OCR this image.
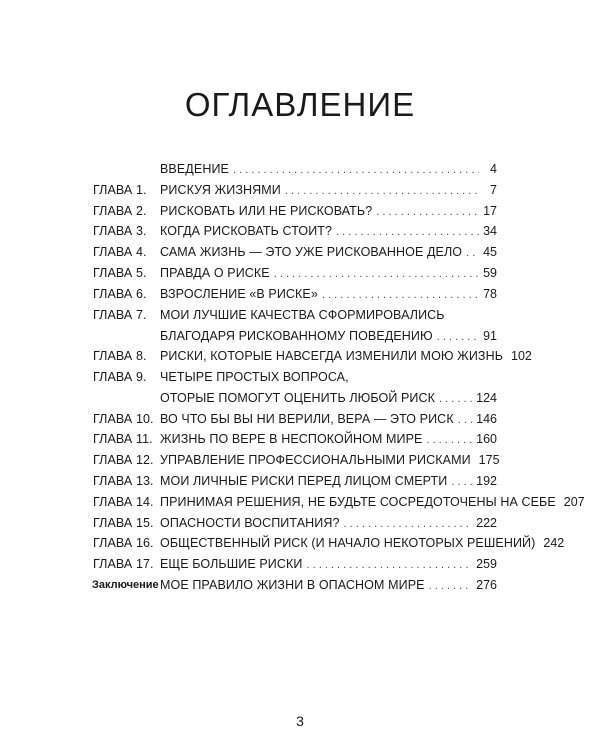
ОГЛАВЛЕНИЕ
ВВЕДЕНИЕ . . .	4
ГЛАВА 1. РИСКУЯ ЖИЗНЯМИ . . .	7
ГЛАВА 2. РИСКОВАТЬ ИЛИ НЕ РИСКОВАТЬ? . . .	17
ГЛАВА 3. КОГДА РИСКОВАТЬ СТОИТ? . . .	34
ГЛАВА 4. САМА ЖИЗНЬ — ЭТО УЖЕ РИСКОВАННОЕ ДЕЛО . . . 45
ГЛАВА 5. ПРАВДА О РИСКЕ . . .	59
ГЛАВА 6. ВЗРОСЛЕНИЕ «В РИСКЕ» . . .	78
ГЛАВА 7. МОИ ЛУЧШИЕ КАЧЕСТВА СФОРМИРОВАЛИСЬ
БЛАГОДАРЯ РИСКОВАННОМУ ПОВЕДЕНИЮ . . .	91
ГЛАВА 8. РИСКИ, КОТОРЫЕ НАВСЕГДА ИЗМЕНИЛИ МОЮ ЖИЗНЬ 102
ГЛАВА 9. ЧЕТЫРЕ ПРОСТЫХ ВОПРОСА,
ОТОРЫЕ ПОМОГУТ ОЦЕНИТЬ ЛЮБОЙ РИСК . . .	124
ГЛАВА 10. ВО ЧТО БЫ ВЫ НИ ВЕРИЛИ, ВЕРА — ЭТО РИСК . . . 146
ГЛАВА 11. ЖИЗНЬ ПО ВЕРЕ В НЕСПОКОЙНОМ МИРЕ . . .	160
ГЛАВА 12. УПРАВЛЕНИЕ ПРОФЕССИОНАЛЬНЫМИ РИСКАМИ 175
ГЛАВА 13. МОИ ЛИЧНЫЕ РИСКИ ПЕРЕД ЛИЦОМ СМЕРТИ . . . 192
ГЛАВА 14. ПРИНИМАЯ РЕШЕНИЯ, НЕ БУДЬТЕ СОСРЕДОТОЧЕНЫ НА СЕБЕ 207
ГЛАВА 15. ОПАСНОСТИ ВОСПИТАНИЯ? . . .	222
ГЛАВА 16. ОБЩЕСТВЕННЫЙ РИСК (И НАЧАЛО НЕКОТОРЫХ РЕШЕНИЙ) 242
ГЛАВА 17. ЕЩЕ БОЛЬШИЕ РИСКИ . . .	259
Заключение МОЕ ПРАВИЛО ЖИЗНИ В ОПАСНОМ МИРЕ . . .	276
3
